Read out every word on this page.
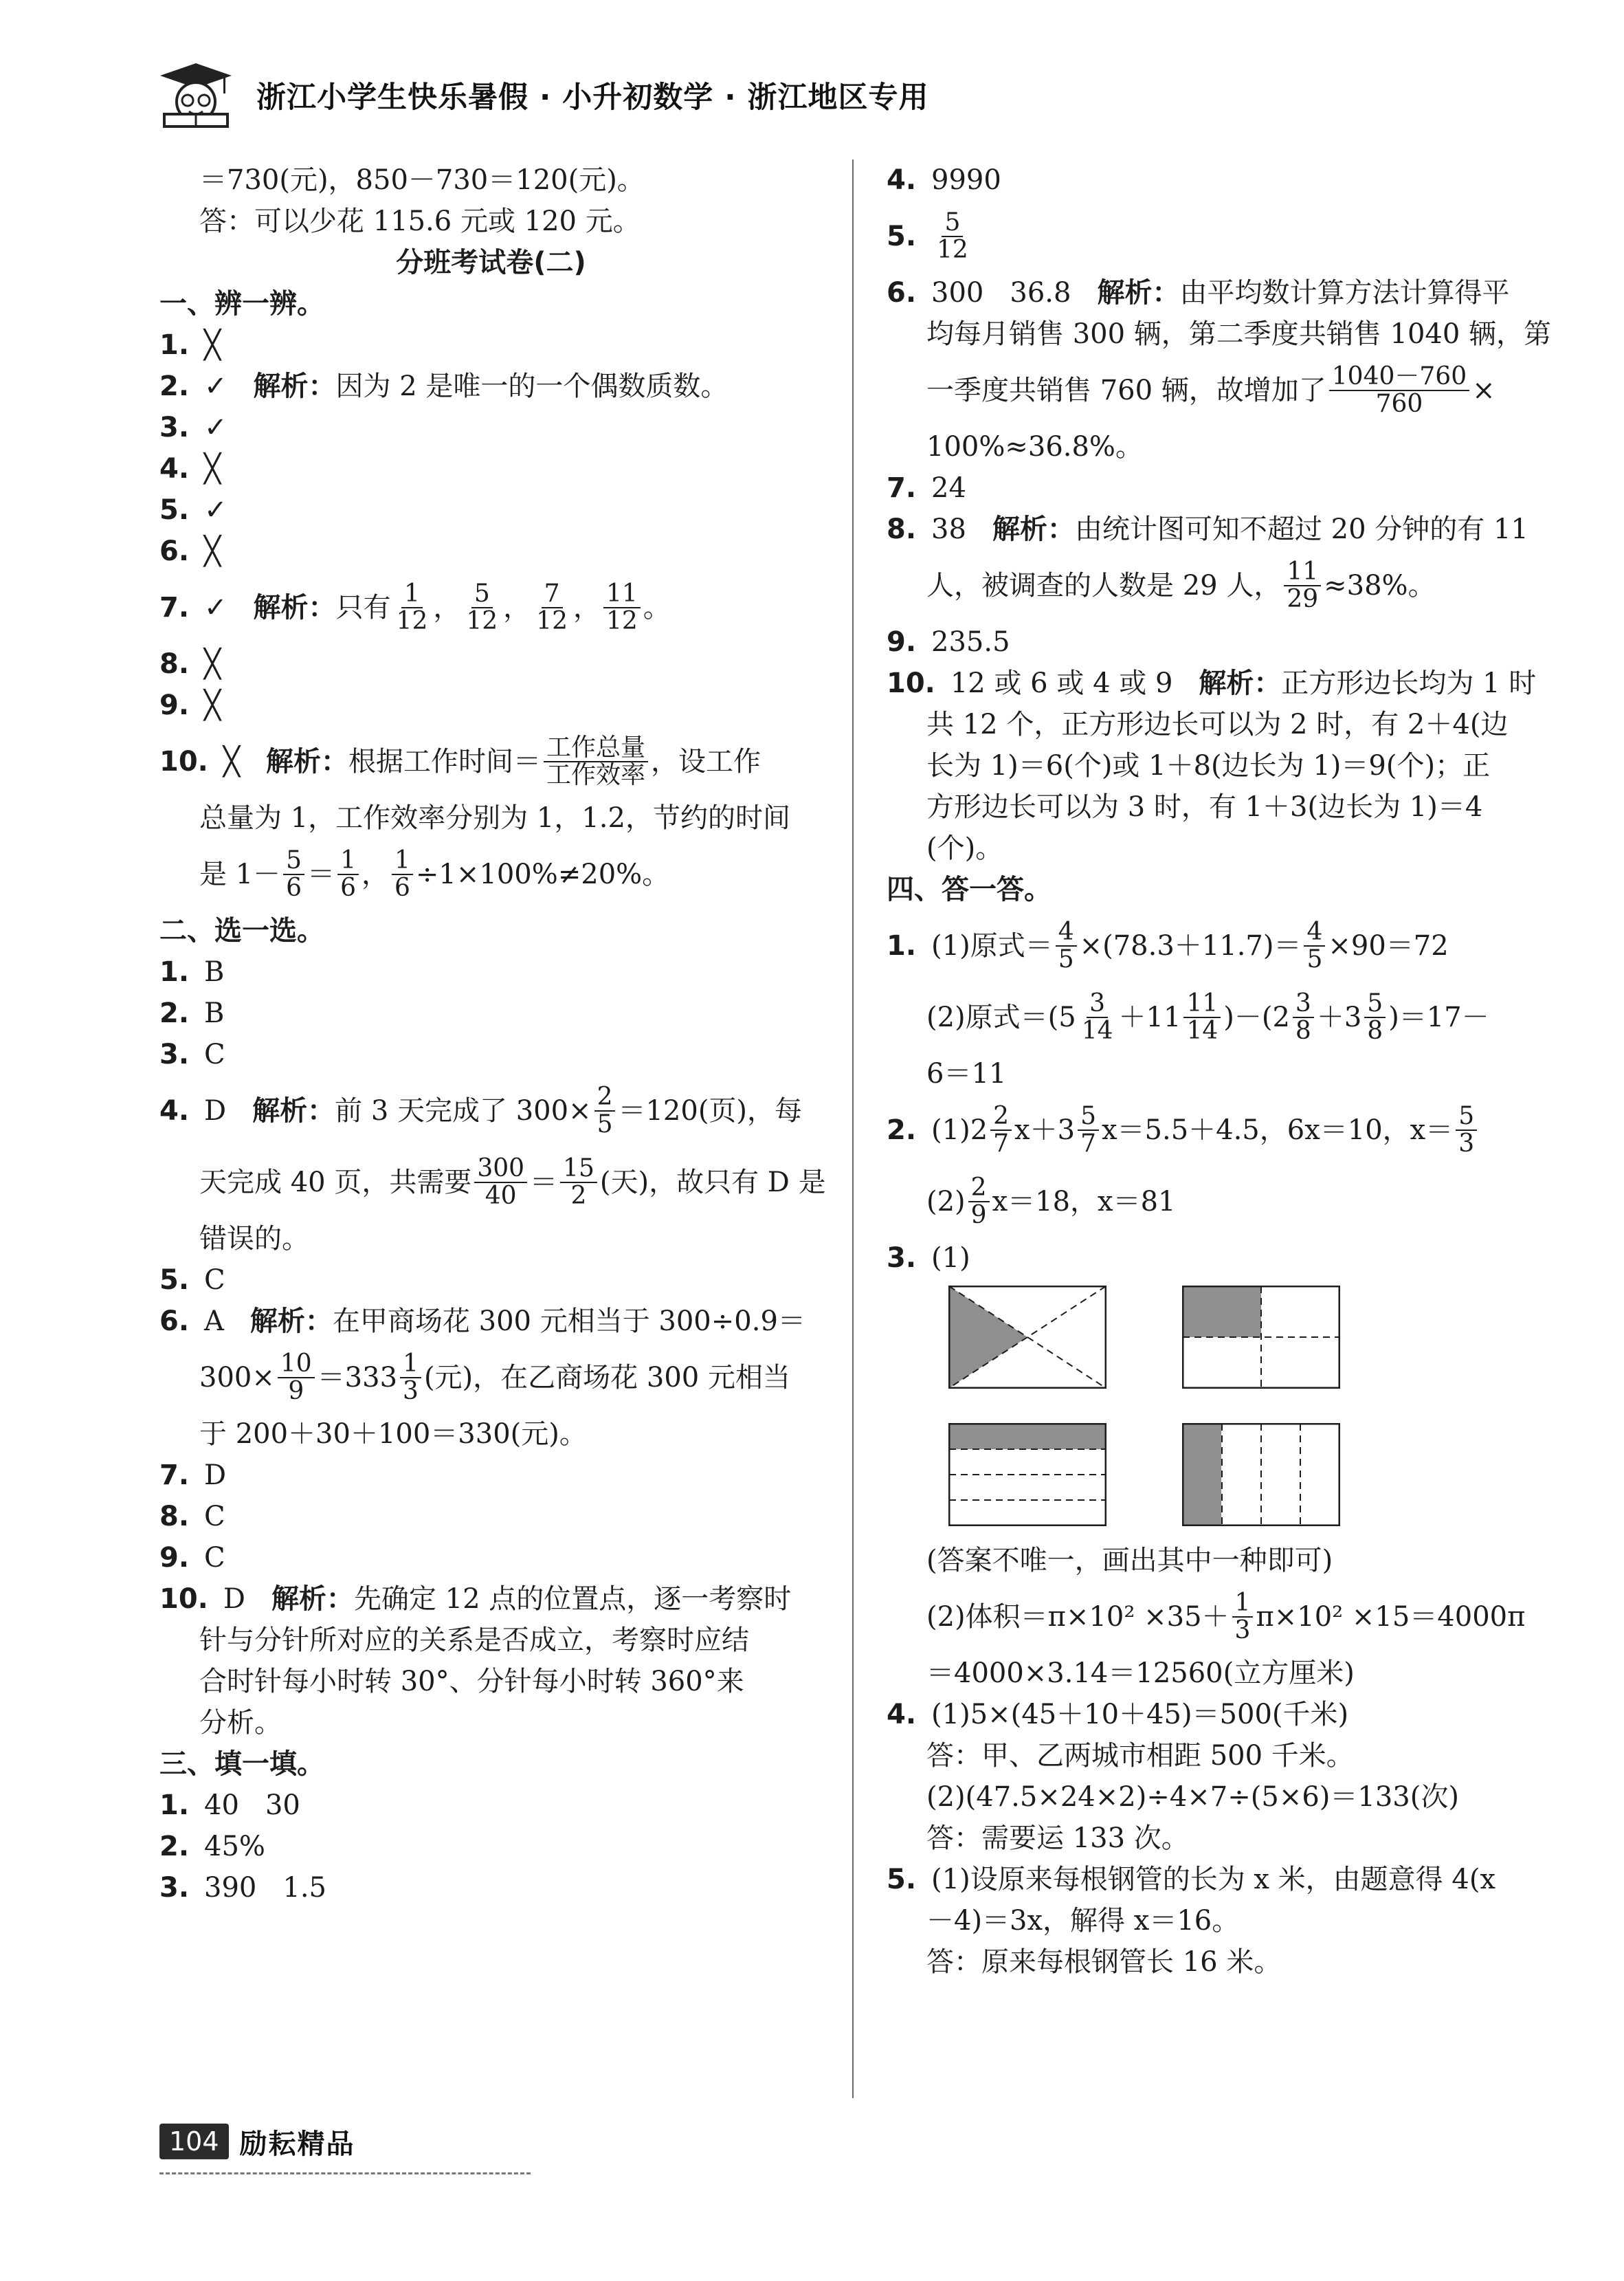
浙江小学生快乐暑假 · 小升初数学 · 浙江地区专用
＝730(元)，850－730＝120(元)。
答：可以少花 115.6 元或 120 元。
分班考试卷(二)
一、辨一辨。
1. ╳
2. ✓ 解析： 因为 2 是唯一的一个偶数质数。
3. ✓
4. ╳
5. ✓
6. ╳
7. ✓ 解析： 只有 $\frac{1}{12}$ ， $\frac{5}{12}$ ， $\frac{7}{12}$ ， $\frac{11}{12}$ 。
8. ╳
9. ╳
10. ╳ 解析： 根据工作时间＝ $\frac{\text{工作总量}}{\text{工作效率}}$ ，设工作
总量为 1，工作效率分别为 1，1.2，节约的时间
是 $1- \frac{5}{6} = \frac{1}{6}$ ， $\frac{1}{6} \div 1\times 100\%\ne 20\%$。
二、选一选。
1. B
2. B
3. C
4. D 解析： 前 3 天完成了 $300\times \frac{2}{5} =120$(页)，每
天完成 40 页，共需要 $\frac{300}{40} = \frac{15}{2}$ (天)，故只有 D 是
错误的。
5. C
6. A 解析： 在甲商场花 300 元相当于 300÷0.9＝
$300\times \frac{10}{9} =333 \frac{1}{3}$ (元)，在乙商场花 300 元相当
于 200＋30＋100＝330(元)。
7. D
8. C
9. C
10. D 解析： 先确定 12 点的位置点，逐一考察时
针与分针所对应的关系是否成立，考察时应结
合时针每小时转 30°、分针每小时转 360°来
分析。
三、填一填。
1. 40 30
2. 45%
3. 390 1.5
4. 9990
5. $\frac{5}{12}$
6. 300 36.8 解析： 由平均数计算方法计算得平
均每月销售 300 辆，第二季度共销售 1040 辆，第
一季度共销售 760 辆，故增加了 $\frac{1040-760}{760}$ ×
100%≈36.8%。
7. 24
8. 38 解析： 由统计图可知不超过 20 分钟的有 11
人，被调查的人数是 29 人， $\frac{11}{29} \approx 38\%$。
9. 235.5
10. 12 或 6 或 4 或 9 解析： 正方形边长均为 1 时
共 12 个，正方形边长可以为 2 时，有 2＋4(边
长为 1)＝6(个)或 1＋8(边长为 1)＝9(个)；正
方形边长可以为 3 时，有 1＋3(边长为 1)＝4
(个)。
四、答一答。
1. (1)原式＝ $\frac{4}{5} \times(78.3+11.7)= \frac{4}{5} \times 90=72$
(2)原式$=(5 \frac{3}{14} +11 \frac{11}{14} )-(2 \frac{3}{8} +3 \frac{5}{8} )=17-$
6＝11
2. $(1)2 \frac{2}{7} x+3 \frac{5}{7} x=5.5+4.5$，6x＝10，$x= \frac{5}{3}$
$(2) \frac{2}{9} x=18$，x＝81
3. (1)
(答案不唯一，画出其中一种即可)
(2)体积$=\pi\times 10^2 \times 35+ \frac{1}{3} \pi\times 10^2 \times 15=4000\pi$
＝4000×3.14＝12560(立方厘米)
4. (1)5×(45＋10＋45)＝500(千米)
答：甲、乙两城市相距 500 千米。
(2)(47.5×24×2)÷4×7÷(5×6)＝133(次)
答：需要运 133 次。
5. (1)设原来每根钢管的长为 x 米，由题意得 4(x
－4)＝3x，解得 x＝16。
答：原来每根钢管长 16 米。
104 励耘精品
